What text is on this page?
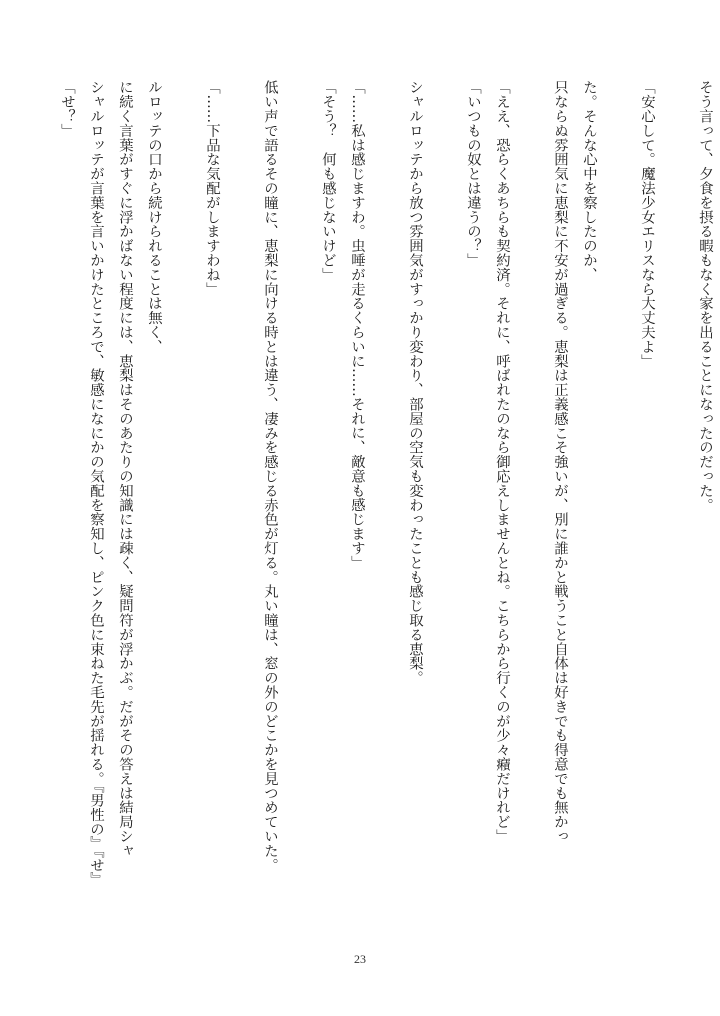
「せ？」 シャルロッテが言葉を言いかけたところで、敏感になにかの気配を察知し、ピンク色に束ねた毛先が揺れる。『男性の』『せ』 に続く言葉がすぐに浮かばない程度には、恵梨はそのあたりの知識には疎く、疑問符が浮かぶ。だがその答えは結局シャ ルロッテの口から続けられることは無く、	「……下品な気配がしますわね」	低い声で語るその瞳に、恵梨に向ける時とは違う、凄みを感じる赤色が灯る。丸い瞳は、窓の外のどこかを見つめていた。	「そう？　何も感じないけど」 「……私は感じますわ。虫唾が走るくらいに……それに、敵意も感じます」	シャルロッテから放つ雰囲気がすっかり変わり、部屋の空気も変わったことも感じ取る恵梨。	「いつもの奴とは違うの？」 「ええ、恐らくあちらも契約済。それに、呼ばれたのなら御応えしませんとね。こちらから行くのが少々癪だけれど」	只ならぬ雰囲気に恵梨に不安が過ぎる。恵梨は正義感こそ強いが、別に誰かと戦うこと自体は好きでも得意でも無かっ た。そんな心中を察したのか、	「安心して。魔法少女エリスなら大丈夫よ」	そう言って、夕食を摂る暇もなく家を出ることになったのだった。
23
